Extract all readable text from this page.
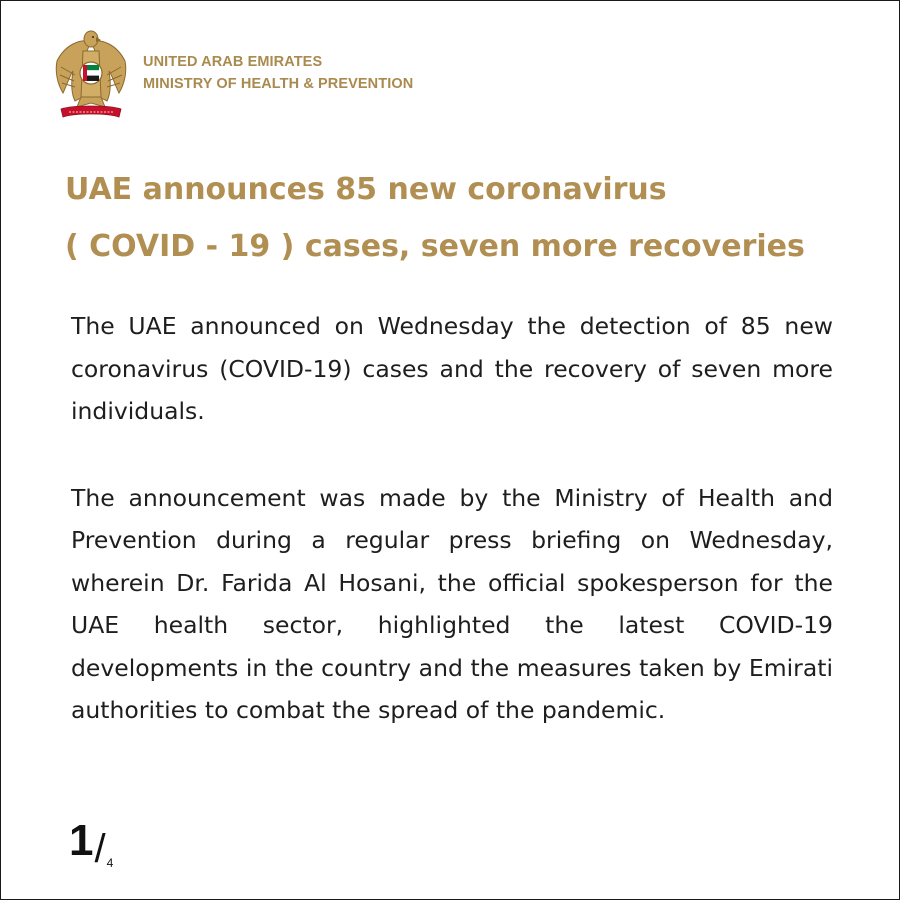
UNITED ARAB EMIRATES
MINISTRY OF HEALTH & PREVENTION
UAE announces 85 new coronavirus
( COVID - 19 ) cases, seven more recoveries

The UAE announced on Wednesday the detection of 85 new coronavirus (COVID-19) cases and the recovery of seven more individuals.

The announcement was made by the Ministry of Health and Prevention during a regular press briefing on Wednesday, wherein Dr. Farida Al Hosani, the official spokesperson for the UAE health sector, highlighted the latest COVID-19 developments in the country and the measures taken by Emirati authorities to combat the spread of the pandemic.

1 / 4
